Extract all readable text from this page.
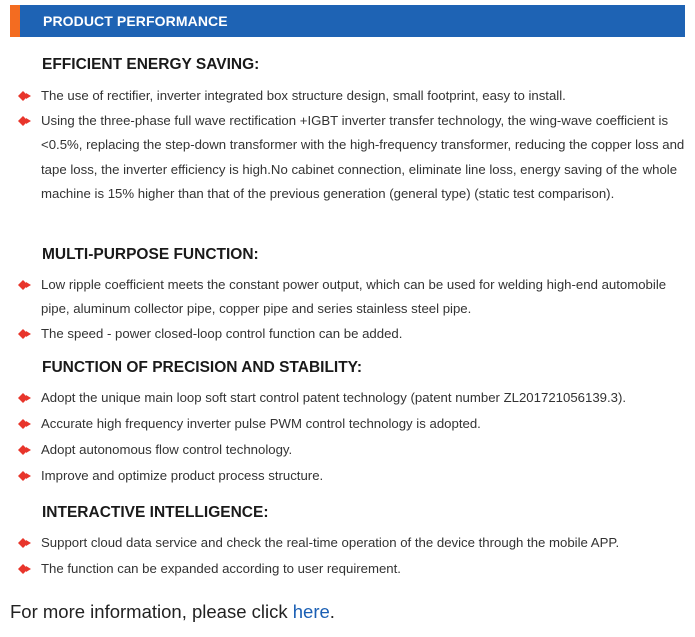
PRODUCT PERFORMANCE
EFFICIENT ENERGY SAVING:
The use of rectifier, inverter integrated box structure design, small footprint, easy to install.
Using the three-phase full wave rectification +IGBT inverter transfer technology, the wing-wave coefficient is <0.5%, replacing the step-down transformer with the high-frequency transformer, reducing the copper loss and tape loss, the inverter efficiency is high.No cabinet connection, eliminate line loss, energy saving of the whole machine is 15% higher than that of the previous generation (general type) (static test comparison).
MULTI-PURPOSE FUNCTION:
Low ripple coefficient meets the constant power output, which can be used for welding high-end automobile pipe, aluminum collector pipe, copper pipe and series stainless steel pipe.
The speed - power closed-loop control function can be added.
FUNCTION OF PRECISION AND STABILITY:
Adopt the unique main loop soft start control patent technology (patent number ZL201721056139.3).
Accurate high frequency inverter pulse PWM control technology is adopted.
Adopt autonomous flow control technology.
Improve and optimize product process structure.
INTERACTIVE INTELLIGENCE:
Support cloud data service and check the real-time operation of the device through the mobile APP.
The function can be expanded according to user requirement.
For more information, please click here.
